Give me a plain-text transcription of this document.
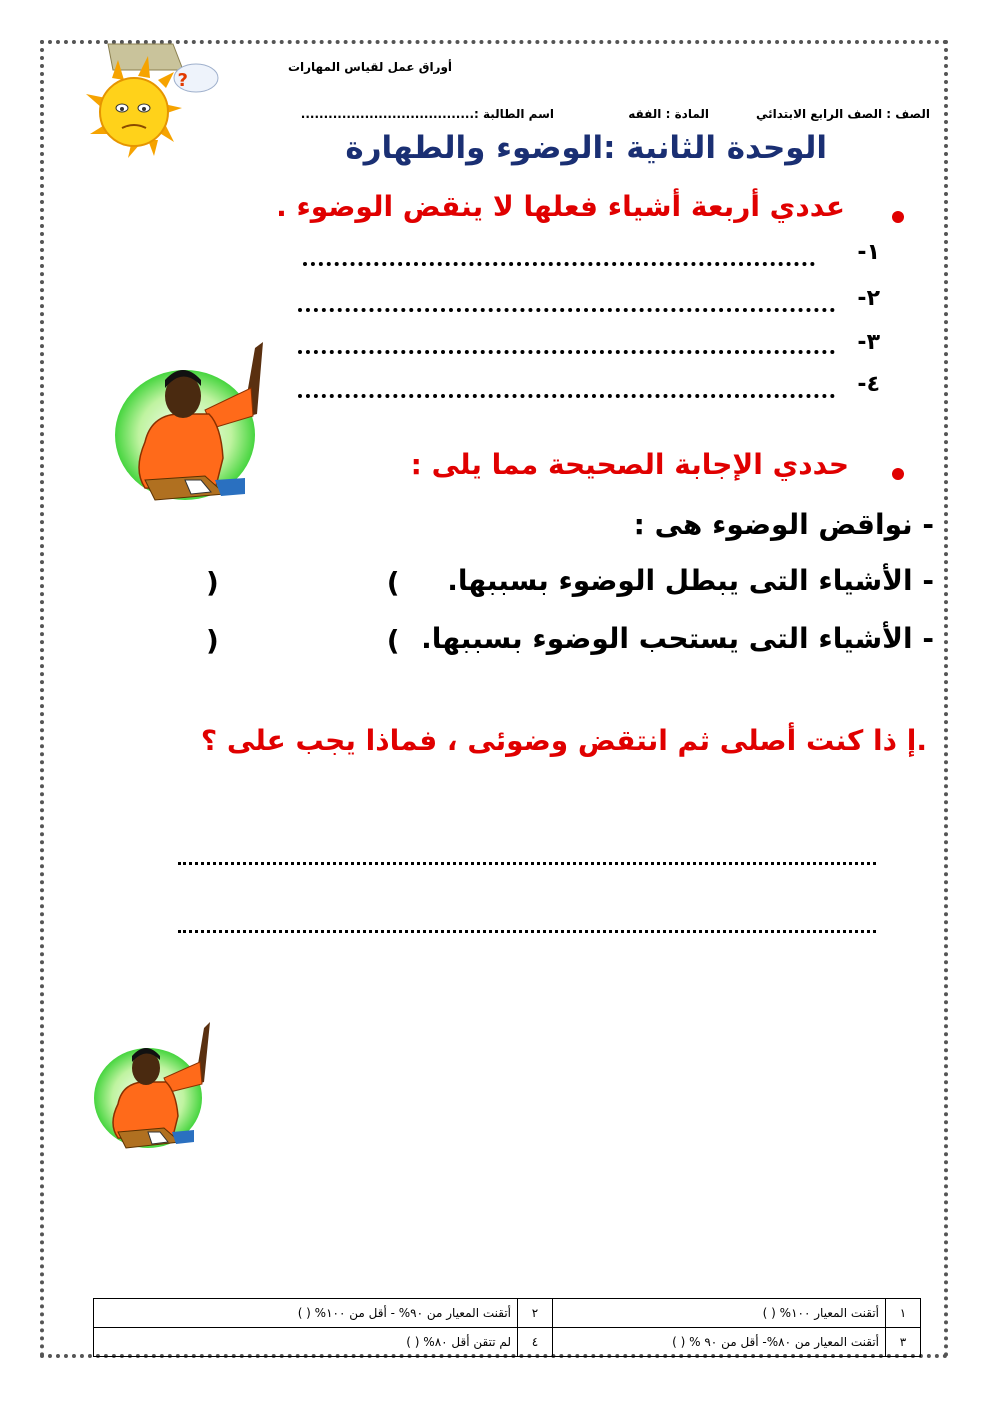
?
أوراق عمل لقياس المهارات
الصف : الصف الرابع الابتدائي
المادة : الفقه
اسم الطالبة :......................................
الوحدة الثانية :الوضوء والطهارة
عددي أربعة أشياء فعلها لا ينقض الوضوء .
١-
٢-
٣-
٤-
حددي الإجابة الصحيحة مما يلى :
- نواقض الوضوء هى :
- الأشياء التى يبطل الوضوء بسببها.
)      (
- الأشياء التى يستحب الوضوء بسببها.
)      (
.إ ذا كنت أصلى ثم انتقض وضوئى ، فماذا يجب على ؟
١	أتقنت المعيار ١٠٠% ( )	٢	أتقنت المعيار من ٩٠% - أقل من ١٠٠% ( )
٣	أتقنت المعيار من ٨٠%- أقل من ٩٠ % ( )	٤	لم تتقن أقل ٨٠% ( )
